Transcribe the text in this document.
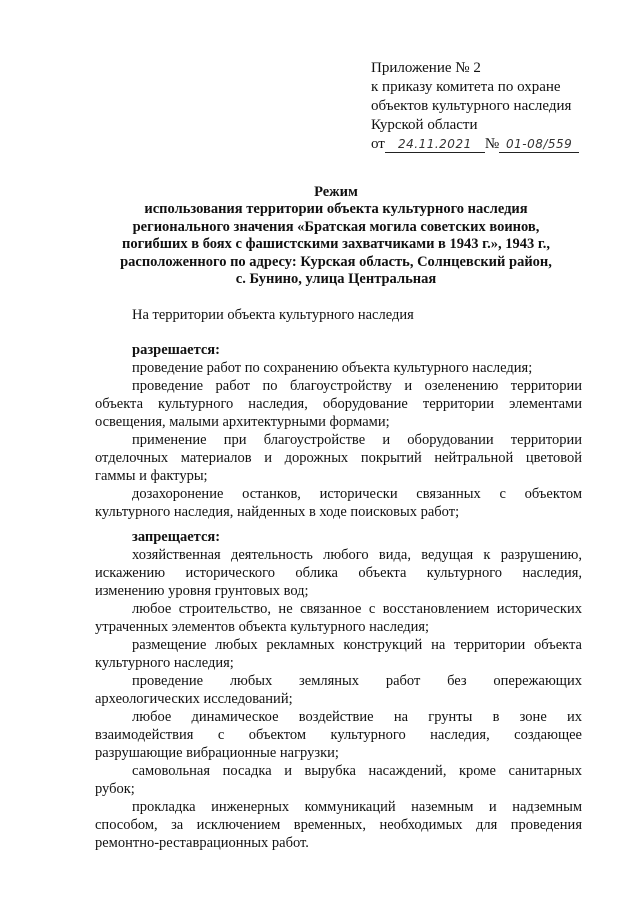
Приложение № 2
к приказу комитета по охране
объектов культурного наследия
Курской области
от 24.11.2021 № 01-08/559
Режим
использования территории объекта культурного наследия
регионального значения «Братская могила советских воинов,
погибших в боях с фашистскими захватчиками в 1943 г.», 1943 г.,
расположенного по адресу: Курская область, Солнцевский район,
с. Бунино, улица Центральная
На территории объекта культурного наследия
разрешается:
проведение работ по сохранению объекта культурного наследия;
проведение работ по благоустройству и озеленению территории
объекта культурного наследия, оборудование территории элементами
освещения, малыми архитектурными формами;
применение при благоустройстве и оборудовании территории
отделочных материалов и дорожных покрытий нейтральной цветовой
гаммы и фактуры;
дозахоронение останков, исторически связанных с объектом
культурного наследия, найденных в ходе поисковых работ;
запрещается:
хозяйственная деятельность любого вида, ведущая к разрушению,
искажению исторического облика объекта культурного наследия,
изменению уровня грунтовых вод;
любое строительство, не связанное с восстановлением исторических
утраченных элементов объекта культурного наследия;
размещение любых рекламных конструкций на территории объекта
культурного наследия;
проведение любых земляных работ без опережающих
археологических исследований;
любое динамическое воздействие на грунты в зоне их
взаимодействия с объектом культурного наследия, создающее
разрушающие вибрационные нагрузки;
самовольная посадка и вырубка насаждений, кроме санитарных
рубок;
прокладка инженерных коммуникаций наземным и надземным
способом, за исключением временных, необходимых для проведения
ремонтно-реставрационных работ.
